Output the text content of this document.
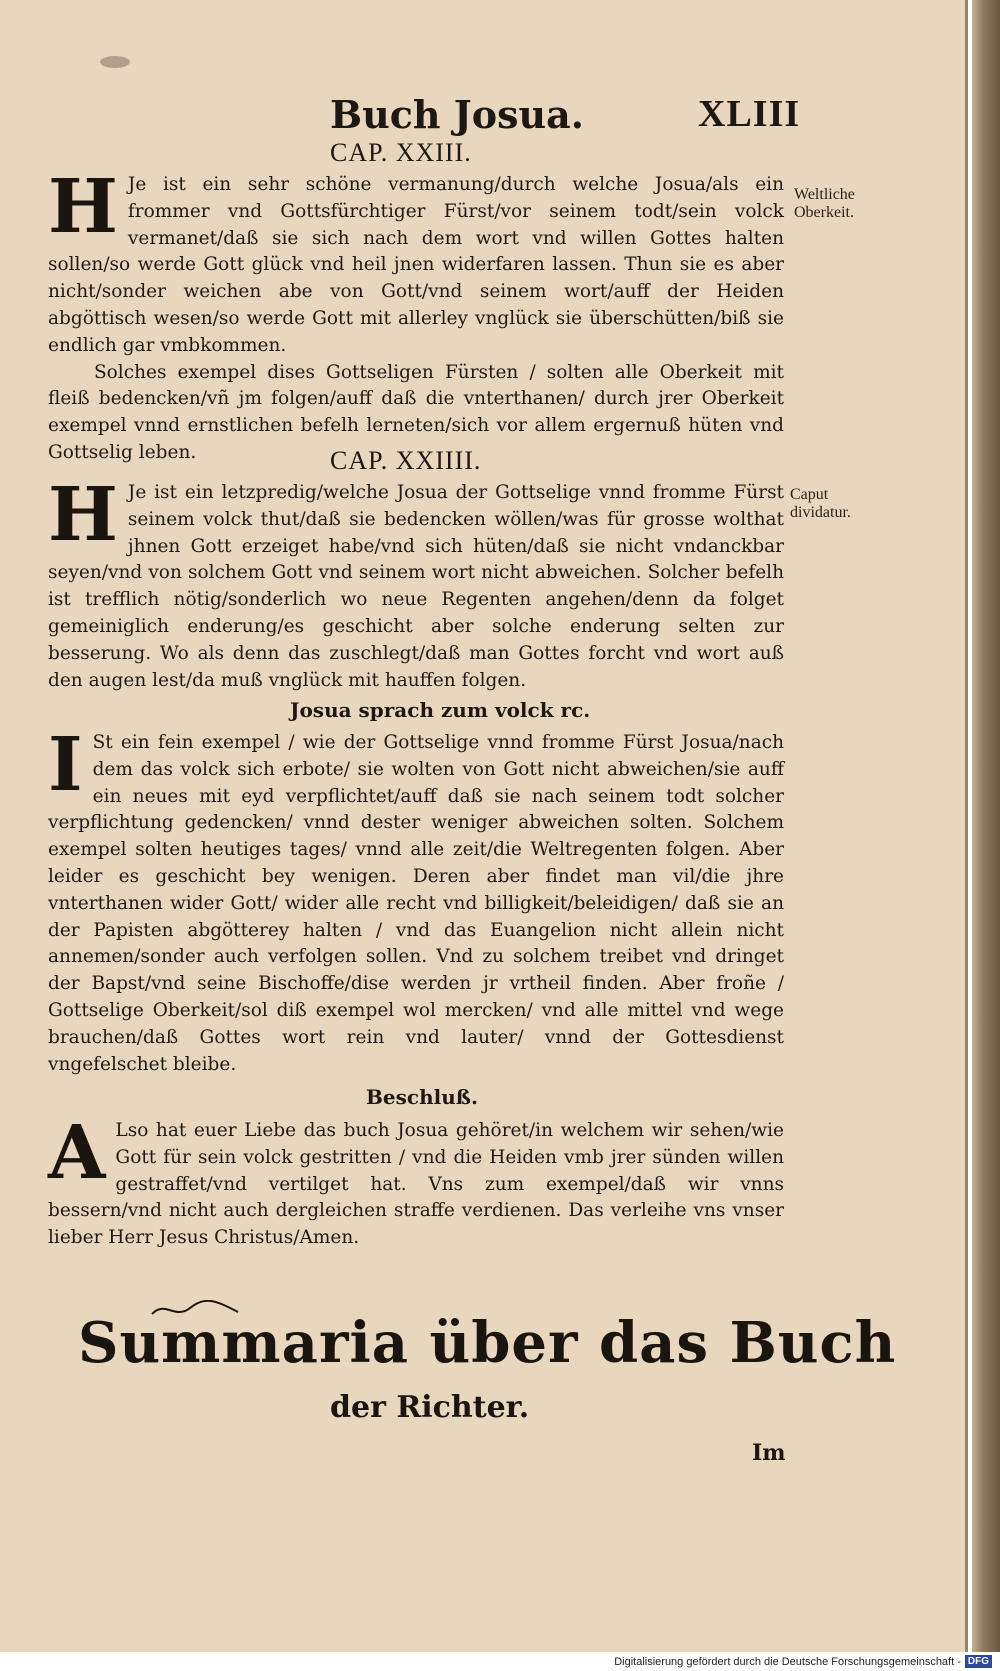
Buch Josua.	XLIII
CAP. XXIII.

H Je ist ein sehr schöne vermanung/durch welche Josua/als ein frommer vnd Gottsfürchtiger Fürst/vor seinem todt/sein volck vermanet/daß sie sich nach dem wort vnd willen Gottes halten sollen/so werde Gott glück vnd heil jnen widerfaren lassen. Thun sie es aber nicht/sonder weichen abe von Gott/vnd seinem wort/auff der Heiden abgöttisch wesen/so werde Gott mit allerley vnglück sie überschütten/biß sie endlich gar vmbkommen.

Solches exempel dises Gottseligen Fürsten / solten alle Oberkeit mit fleiß bedencken/vñ jm folgen/auff daß die vnterthanen/ durch jrer Oberkeit exempel vnnd ernstlichen befelh lerneten/sich vor allem ergernuß hüten vnd Gottselig leben.

Weltliche Oberkeit.
CAP. XXIIII.

H Je ist ein letzpredig/welche Josua der Gottselige vnnd fromme Fürst seinem volck thut/daß sie bedencken wöllen/was für grosse wolthat jhnen Gott erzeiget habe/vnd sich hüten/daß sie nicht vndanckbar seyen/vnd von solchem Gott vnd seinem wort nicht abweichen. Solcher befelh ist trefflich nötig/sonderlich wo neue Regenten angehen/denn da folget gemeiniglich enderung/es geschicht aber solche enderung selten zur besserung. Wo als denn das zuschlegt/daß man Gottes forcht vnd wort auß den augen lest/da muß vnglück mit hauffen folgen.

Caput dividatur.
Josua sprach zum volck rc.

I St ein fein exempel / wie der Gottselige vnnd fromme Fürst Josua/nach dem das volck sich erbote/ sie wolten von Gott nicht abweichen/sie auff ein neues mit eyd verpflichtet/auff daß sie nach seinem todt solcher verpflichtung gedencken/ vnnd dester weniger abweichen solten. Solchem exempel solten heutiges tages/ vnnd alle zeit/die Weltregenten folgen. Aber leider es geschicht bey wenigen. Deren aber findet man vil/die jhre vnterthanen wider Gott/ wider alle recht vnd billigkeit/beleidigen/ daß sie an der Papisten abgötterey halten / vnd das Euangelion nicht allein nicht annemen/sonder auch verfolgen sollen. Vnd zu solchem treibet vnd dringet der Bapst/vnd seine Bischoffe/dise werden jr vrtheil finden. Aber froñe / Gottselige Oberkeit/sol diß exempel wol mercken/ vnd alle mittel vnd wege brauchen/daß Gottes wort rein vnd lauter/ vnnd der Gottesdienst vngefelschet bleibe.

Beschluß.

A Lso hat euer Liebe das buch Josua gehöret/in welchem wir sehen/wie Gott für sein volck gestritten / vnd die Heiden vmb jrer sünden willen gestraffet/vnd vertilget hat. Vns zum exempel/daß wir vnns bessern/vnd nicht auch dergleichen straffe verdienen. Das verleihe vns vnser lieber Herr Jesus Christus/Amen.

Summaria über das Buch
der Richter.
Im
Digitalisierung gefördert durch die Deutsche Forschungsgemeinschaft - DFG
